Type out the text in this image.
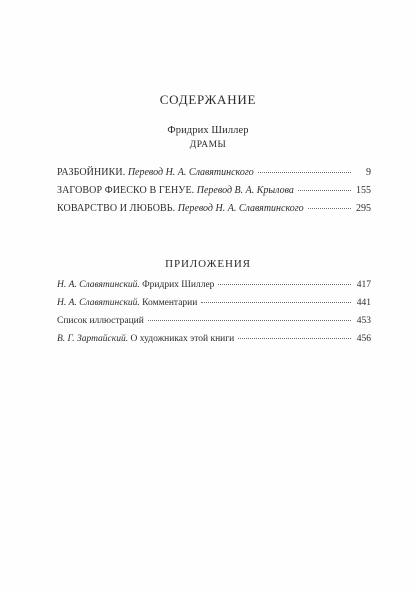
СОДЕРЖАНИЕ
Фридрих Шиллер
ДРАМЫ
РАЗБОЙНИКИ. Перевод Н. А. Славятинского	9
ЗАГОВОР ФИЕСКО В ГЕНУЕ. Перевод В. А. Крылова	155
КОВАРСТВО И ЛЮБОВЬ. Перевод Н. А. Славятинского	295
ПРИЛОЖЕНИЯ
Н. А. Славятинский. Фридрих Шиллер	417
Н. А. Славятинский. Комментарии	441
Список иллюстраций	453
В. Г. Зартайский. О художниках этой книги	456
